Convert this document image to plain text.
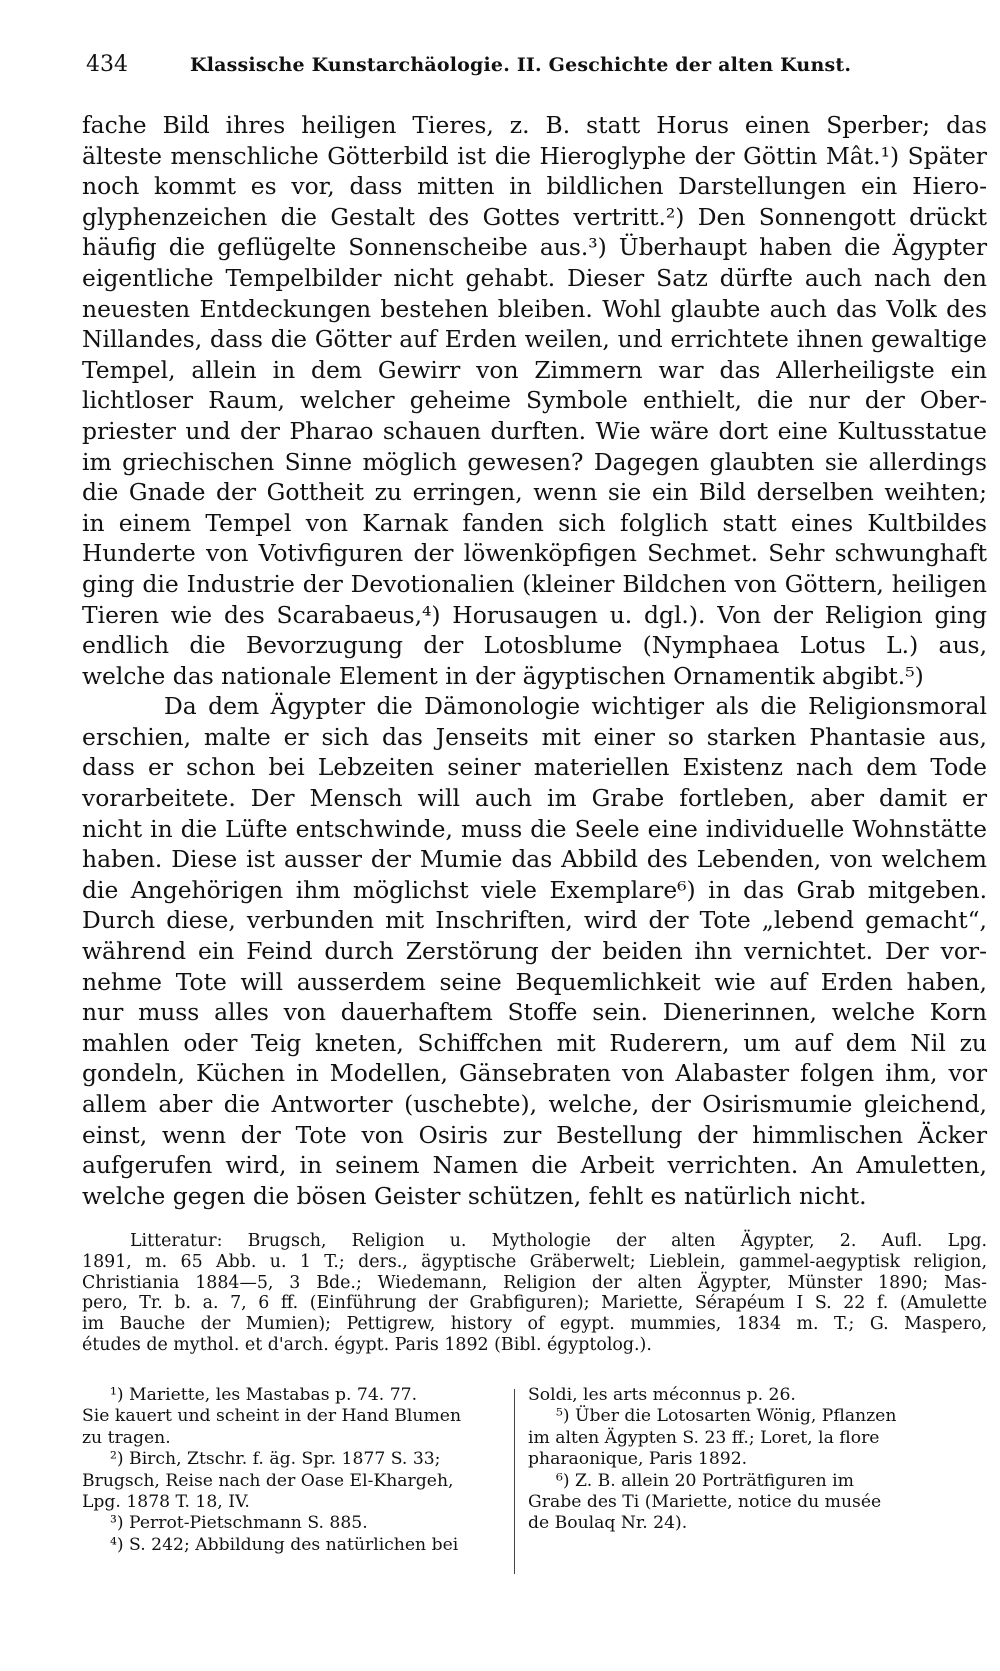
434	Klassische Kunstarchäologie. II. Geschichte der alten Kunst.
fache Bild ihres heiligen Tieres, z. B. statt Horus einen Sperber; das
älteste menschliche Götterbild ist die Hieroglyphe der Göttin Mât.¹) Später
noch kommt es vor, dass mitten in bildlichen Darstellungen ein Hiero-
glyphenzeichen die Gestalt des Gottes vertritt.²) Den Sonnengott drückt
häufig die geflügelte Sonnenscheibe aus.³) Überhaupt haben die Ägypter
eigentliche Tempelbilder nicht gehabt. Dieser Satz dürfte auch nach den
neuesten Entdeckungen bestehen bleiben. Wohl glaubte auch das Volk des
Nillandes, dass die Götter auf Erden weilen, und errichtete ihnen gewaltige
Tempel, allein in dem Gewirr von Zimmern war das Allerheiligste ein
lichtloser Raum, welcher geheime Symbole enthielt, die nur der Ober-
priester und der Pharao schauen durften. Wie wäre dort eine Kultusstatue
im griechischen Sinne möglich gewesen? Dagegen glaubten sie allerdings
die Gnade der Gottheit zu erringen, wenn sie ein Bild derselben weihten;
in einem Tempel von Karnak fanden sich folglich statt eines Kultbildes
Hunderte von Votivfiguren der löwenköpfigen Sechmet. Sehr schwunghaft
ging die Industrie der Devotionalien (kleiner Bildchen von Göttern, heiligen
Tieren wie des Scarabaeus,⁴) Horusaugen u. dgl.). Von der Religion ging
endlich die Bevorzugung der Lotosblume (Nymphaea Lotus L.) aus,
welche das nationale Element in der ägyptischen Ornamentik abgibt.⁵)
Da dem Ägypter die Dämonologie wichtiger als die Religionsmoral
erschien, malte er sich das Jenseits mit einer so starken Phantasie aus,
dass er schon bei Lebzeiten seiner materiellen Existenz nach dem Tode
vorarbeitete. Der Mensch will auch im Grabe fortleben, aber damit er
nicht in die Lüfte entschwinde, muss die Seele eine individuelle Wohnstätte
haben. Diese ist ausser der Mumie das Abbild des Lebenden, von welchem
die Angehörigen ihm möglichst viele Exemplare⁶) in das Grab mitgeben.
Durch diese, verbunden mit Inschriften, wird der Tote „lebend gemacht“,
während ein Feind durch Zerstörung der beiden ihn vernichtet. Der vor-
nehme Tote will ausserdem seine Bequemlichkeit wie auf Erden haben,
nur muss alles von dauerhaftem Stoffe sein. Dienerinnen, welche Korn
mahlen oder Teig kneten, Schiffchen mit Ruderern, um auf dem Nil zu
gondeln, Küchen in Modellen, Gänsebraten von Alabaster folgen ihm, vor
allem aber die Antworter (uschebte), welche, der Osirismumie gleichend,
einst, wenn der Tote von Osiris zur Bestellung der himmlischen Äcker
aufgerufen wird, in seinem Namen die Arbeit verrichten. An Amuletten,
welche gegen die bösen Geister schützen, fehlt es natürlich nicht.
Litteratur: Brugsch, Religion u. Mythologie der alten Ägypter, 2. Aufl. Lpg.
1891, m. 65 Abb. u. 1 T.; ders., ägyptische Gräberwelt; Lieblein, gammel-aegyptisk religion,
Christiania 1884—5, 3 Bde.; Wiedemann, Religion der alten Ägypter, Münster 1890; Mas-
pero, Tr. b. a. 7, 6 ff. (Einführung der Grabfiguren); Mariette, Sérapéum I S. 22 f. (Amulette
im Bauche der Mumien); Pettigrew, history of egypt. mummies, 1834 m. T.; G. Maspero,
études de mythol. et d'arch. égypt. Paris 1892 (Bibl. égyptolog.).
¹) Mariette, les Mastabas p. 74. 77.
Sie kauert und scheint in der Hand Blumen
zu tragen.
²) Birch, Ztschr. f. äg. Spr. 1877 S. 33;
Brugsch, Reise nach der Oase El-Khargeh,
Lpg. 1878 T. 18, IV.
³) Perrot-Pietschmann S. 885.
⁴) S. 242; Abbildung des natürlichen bei
Soldi, les arts méconnus p. 26.
⁵) Über die Lotosarten Wönig, Pflanzen
im alten Ägypten S. 23 ff.; Loret, la flore
pharaonique, Paris 1892.
⁶) Z. B. allein 20 Porträtfiguren im
Grabe des Ti (Mariette, notice du musée
de Boulaq Nr. 24).
